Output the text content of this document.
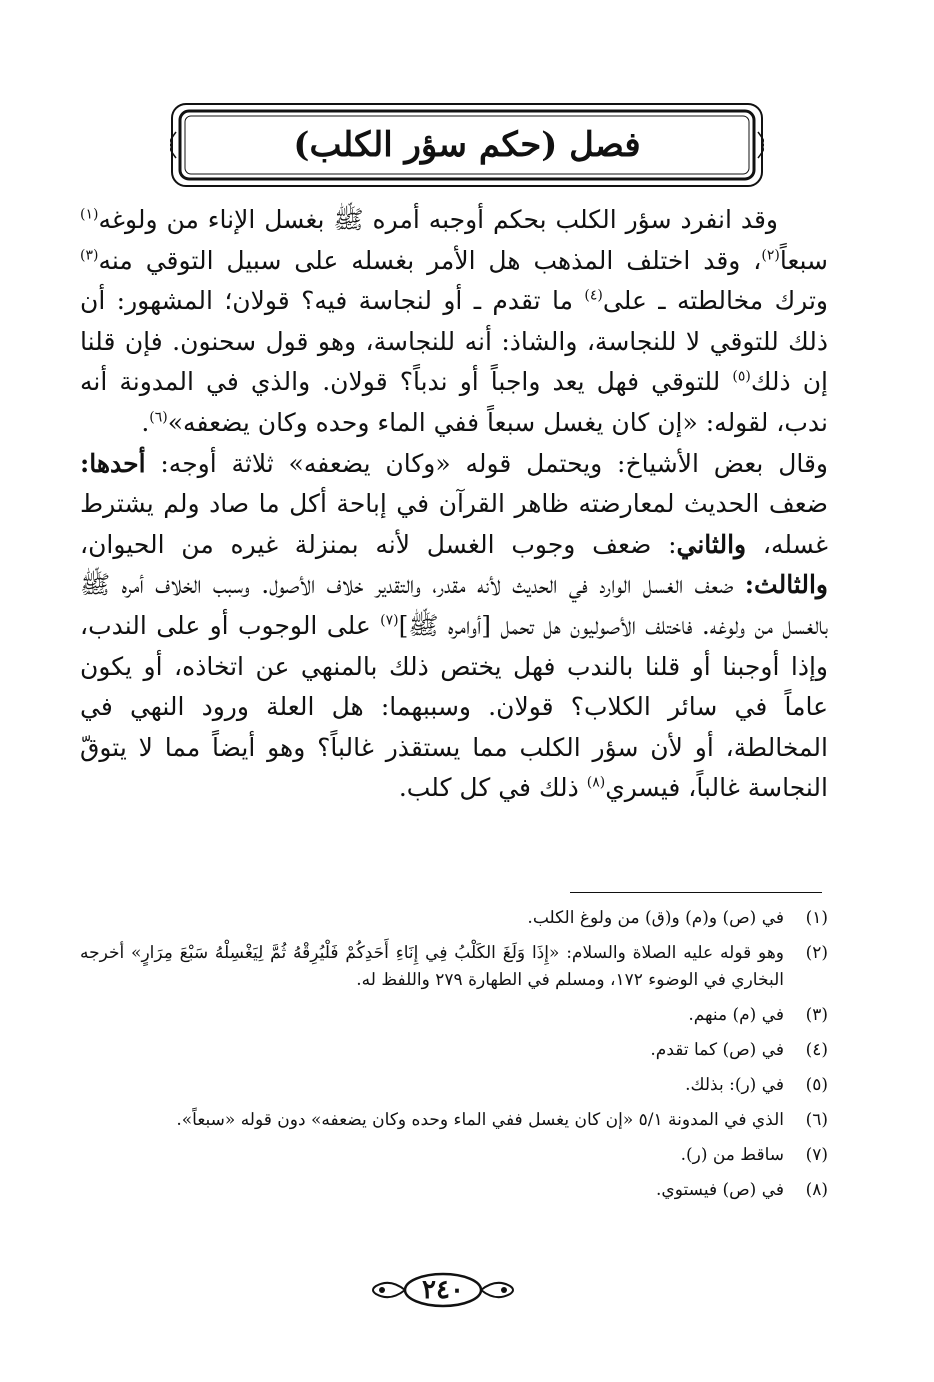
فصل (حكم سؤر الكلب)

  وقد انفرد سؤر الكلب بحكم أوجبه أمره ﷺ بغسل الإناء من ولوغه$^{(١)}$ سبعاً$^{(٢)}$، وقد اختلف المذهب هل الأمر بغسله على سبيل التوقي منه$^{(٣)}$ وترك مخالطته ـ على$^{(٤)}$ ما تقدم ـ أو لنجاسة فيه؟ قولان؛ المشهور: أن ذلك للتوقي لا للنجاسة، والشاذ: أنه للنجاسة، وهو قول سحنون. فإن قلنا إن ذلك$^{(٥)}$ للتوقي فهل يعد واجباً أو ندباً؟ قولان. والذي في المدونة أنه ندب، لقوله: «إن كان يغسل سبعاً ففي الماء وحده وكان يضعفه»$^{(٦)}$.

وقال بعض الأشياخ: ويحتمل قوله «وكان يضعفه» ثلاثة أوجه: أحدها: ضعف الحديث لمعارضته ظاهر القرآن في إباحة أكل ما صاد ولم يشترط غسله، والثاني: ضعف وجوب الغسل لأنه بمنزلة غيره من الحيوان، والثالث: ضعف الغسل الوارد في الحديث لأنه مقدر، والتقدير خلاف الأصول. وسبب الخلاف أمره ﷺ بالغسل من ولوغه. فاختلف الأصوليون هل تحمل [أوامره ﷺ]$^{(٧)}$ على الوجوب أو على الندب، وإذا أوجبنا أو قلنا بالندب فهل يختص ذلك بالمنهي عن اتخاذه، أو يكون عاماً في سائر الكلاب؟ قولان. وسببهما: هل العلة ورود النهي في المخالطة، أو لأن سؤر الكلب مما يستقذر غالباً؟ وهو أيضاً مما لا يتوقّ النجاسة غالباً، فيسري$^{(٨)}$ ذلك في كل كلب.

(١)
في (ص) و(م) و(ق) من ولوغ الكلب.
(٢)
وهو قوله عليه الصلاة والسلام: «إِذَا وَلَغَ الكَلْبُ فِي إِنَاءِ أَحَدِكُمْ فَلْيُرِقْهُ ثُمَّ لِيَغْسِلْهُ سَبْعَ مِرَارٍ» أخرجه البخاري في الوضوء ١٧٢، ومسلم في الطهارة ٢٧٩ واللفظ له.
(٣)
في (م) منهم.
(٤)
في (ص) كما تقدم.
(٥)
في (ر): بذلك.
(٦)
الذي في المدونة ٥/١ «إن كان يغسل ففي الماء وحده وكان يضعفه» دون قوله «سبعاً».
(٧)
ساقط من (ر).
(٨)
في (ص) فيستوي.
٢٤٠
